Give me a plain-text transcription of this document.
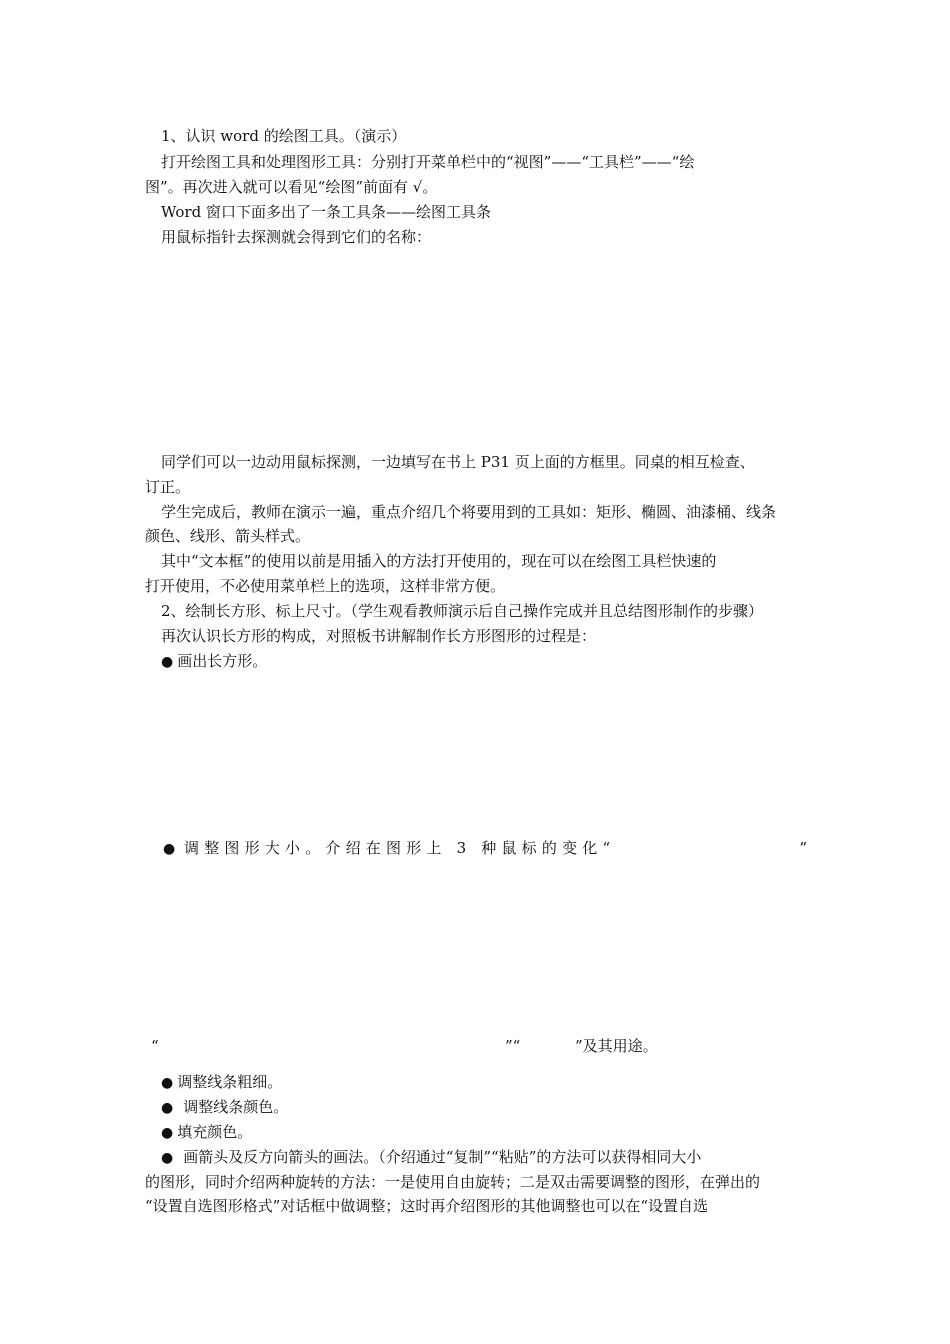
1、认识 word 的绘图工具。（演示）
打开绘图工具和处理图形工具：分别打开菜单栏中的“视图”——“工具栏”——“绘
图”。再次进入就可以看见“绘图”前面有 √。
Word 窗口下面多出了一条工具条——绘图工具条
用鼠标指针去探测就会得到它们的名称：
同学们可以一边动用鼠标探测，一边填写在书上 P31 页上面的方框里。同桌的相互检查、
订正。
学生完成后，教师在演示一遍，重点介绍几个将要用到的工具如：矩形、椭圆、油漆桶、线条
颜色、线形、箭头样式。
其中“文本框”的使用以前是用插入的方法打开使用的，现在可以在绘图工具栏快速的
打开使用，不必使用菜单栏上的选项，这样非常方便。
2、绘制长方形、标上尺寸。（学生观看教师演示后自己操作完成并且总结图形制作的步骤）
再次认识长方形的构成，对照板书讲解制作长方形图形的过程是：
● 画出长方形。
● 调整图形大小。介绍在图形上 3 种鼠标的变化“	”
“	”“	”及其用途。
● 调整线条粗细。
● 调整线条颜色。
● 填充颜色。
● 画箭头及反方向箭头的画法。（介绍通过“复制”“粘贴”的方法可以获得相同大小
的图形，同时介绍两种旋转的方法：一是使用自由旋转；二是双击需要调整的图形，在弹出的
“设置自选图形格式”对话框中做调整；这时再介绍图形的其他调整也可以在“设置自选
